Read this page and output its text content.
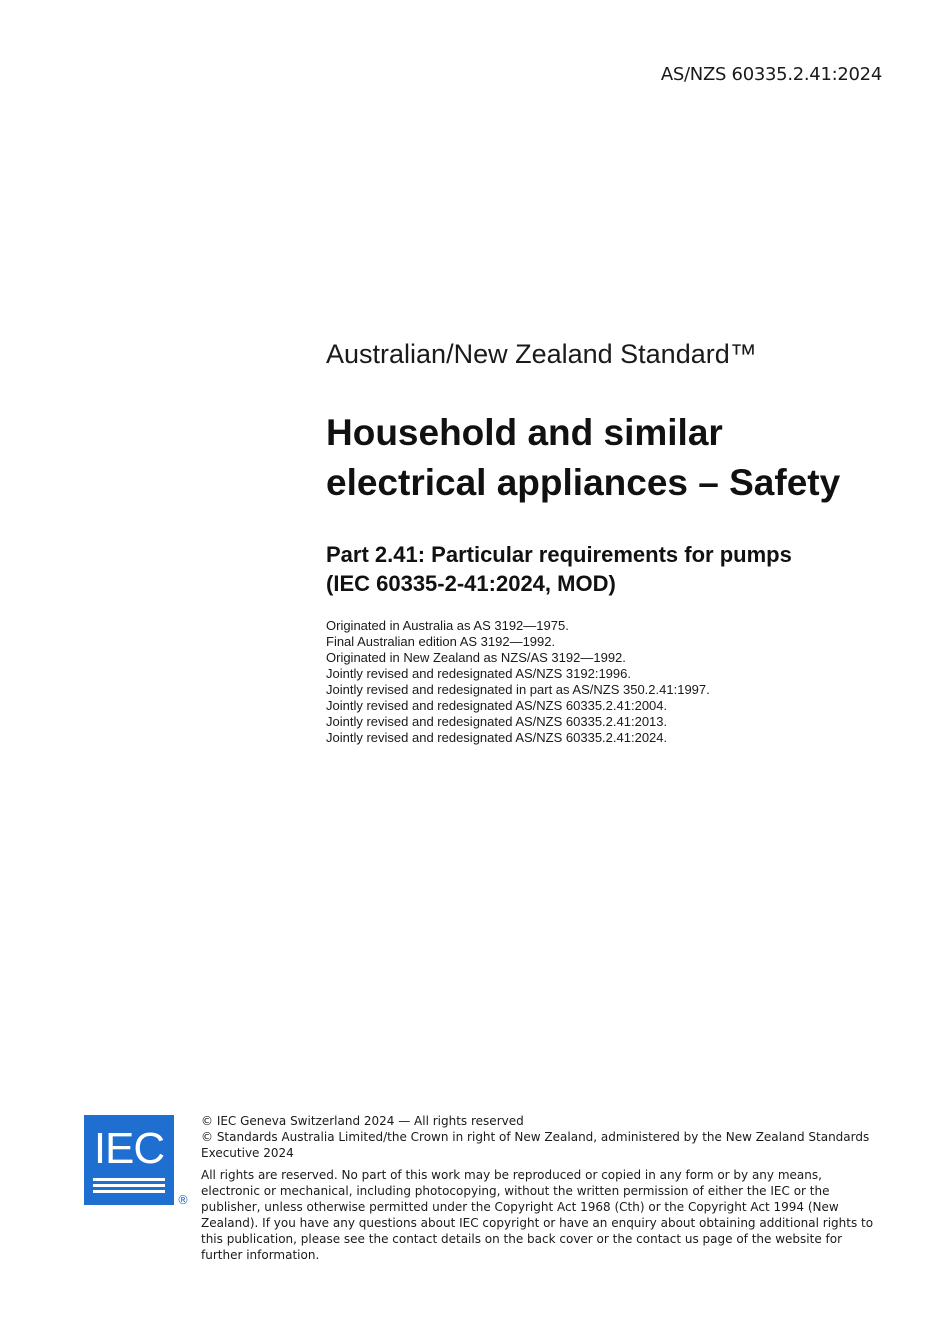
AS/NZS 60335.2.41:2024

Australian/New Zealand Standard™

Household and similar
electrical appliances – Safety
Part 2.41: Particular requirements for pumps
(IEC 60335-2-41:2024, MOD)
Originated in Australia as AS 3192—1975.
Final Australian edition AS 3192—1992.
Originated in New Zealand as NZS/AS 3192—1992.
Jointly revised and redesignated AS/NZS 3192:1996.
Jointly revised and redesignated in part as AS/NZS 350.2.41:1997.
Jointly revised and redesignated AS/NZS 60335.2.41:2004.
Jointly revised and redesignated AS/NZS 60335.2.41:2013.
Jointly revised and redesignated AS/NZS 60335.2.41:2024.
IEC
®

© IEC Geneva Switzerland 2024 — All rights reserved

© Standards Australia Limited/the Crown in right of New Zealand, administered by the New Zealand Standards Executive 2024

All rights are reserved. No part of this work may be reproduced or copied in any form or by any means, electronic or mechanical, including photocopying, without the written permission of either the IEC or the publisher, unless otherwise permitted under the Copyright Act 1968 (Cth) or the Copyright Act 1994 (New Zealand). If you have any questions about IEC copyright or have an enquiry about obtaining additional rights to this publication, please see the contact details on the back cover or the contact us page of the website for further information.
